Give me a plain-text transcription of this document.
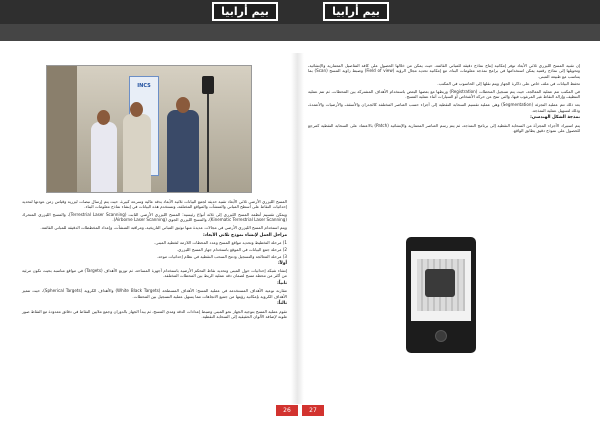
بيم أرابيا	بيم أرابيا
INCS

المسح الليزري الأرضي ثلاثي الأبعاد تقنية حديثة لجمع البيانات ثلاثية الأبعاد بدقة عالية وسرعة كبيرة، حيث يتم إرسال نبضات ليزرية وقياس زمن عودتها لتحديد إحداثيات النقاط على أسطح المباني والمنشآت والمواقع المختلفة، وتستخدم هذه البيانات في إنشاء نماذج معلومات البناء.

ويمكن تقسيم أنظمة المسح الليزري إلى ثلاثة أنواع رئيسية: المسح الليزري الأرضي الثابت (Terrestrial Laser Scanning)، والمسح الليزري المتحرك (Kinematic Terrestrial Laser Scanning)، والمسح الليزري الجوي (Airborne Laser Scanning).

ويتم استخدام المسح الليزري الأرضي في مجالات عديدة منها توثيق المباني التاريخية، ومراقبة المنشآت، وإعداد المخططات الدقيقة للمباني القائمة.

مراحل العمل لإنشاء نموذج ثلاثي الأبعاد:
1) مرحلة التخطيط وتحديد مواقع المسح وعدد المحطات اللازمة لتغطية المبنى.
2) مرحلة جمع البيانات في الموقع باستخدام جهاز المسح الليزري.
3) مرحلة المعالجة والتسجيل ودمج السحب النقطية في نظام إحداثيات موحد.
أولاً:

إنشاء شبكة إحداثيات حول المبنى وتحديد نقاط التحكم الأرضية باستخدام أجهزة المساحة، ثم توزيع الأهداف (Targets) في مواقع مناسبة بحيث تكون مرئية من أكثر من محطة مسح لضمان دقة عملية الربط بين المحطات المختلفة.

ثانياً:

مقارنة نوعية الأهداف المستخدمة في عملية المسح: الأهداف المسطحة (White Black Targets) والأهداف الكروية (Spherical Targets)، حيث تتميز الأهداف الكروية بإمكانية رؤيتها من جميع الاتجاهات مما يسهل عملية التسجيل بين المحطات.

ثالثاً:

تقوم عملية المسح بتوجيه الجهاز نحو المبنى وضبط إعدادات الدقة ومدى المسح، ثم يبدأ الجهاز بالدوران وجمع ملايين النقاط في دقائق معدودة مع التقاط صور ملونة لإضافة الألوان الحقيقية إلى السحابة النقطية.

إن تقنية المسح الليزري ثلاثي الأبعاد توفر إمكانية إنتاج نماذج دقيقة للمباني القائمة، حيث يمكن من خلالها الحصول على كافة التفاصيل المعمارية والإنشائية، وتحويلها إلى نماذج رقمية يمكن استخدامها في برامج نمذجة معلومات البناء، مع إمكانية تحديد مجال الرؤية (Field of view) وضبط زاوية المسح (Scan) بما يتناسب مع طبيعة المبنى.

تحفظ البيانات في ملف خاص على ذاكرة الجهاز ويتم نقلها إلى الحاسوب في المكتب.

في المكتب تتم عملية المعالجة، حيث يتم تسجيل المحطات (Registration) وربطها مع بعضها البعض باستخدام الأهداف المشتركة بين المحطات، ثم تتم عملية التنظيف وإزالة النقاط غير المرغوب فيها، والتي تنتج عن حركة الأشخاص أو السيارات أثناء عملية المسح.

بعد ذلك تتم عملية التجزئة (Segmentation) وهي عملية تقسيم السحابة النقطية إلى أجزاء حسب العناصر المختلفة كالجدران والأسقف والأرضيات والأعمدة، وذلك لتسهيل عملية النمذجة.

نمذجة الشكل الهندسي:

يتم استيراد الأجزاء المجزأة من السحابة النقطية إلى برنامج النمذجة، ثم يتم رسم العناصر المعمارية والإنشائية (Patch) بالاعتماد على السحابة النقطية كمرجع للحصول على نموذج دقيق يطابق الواقع.

26	27
